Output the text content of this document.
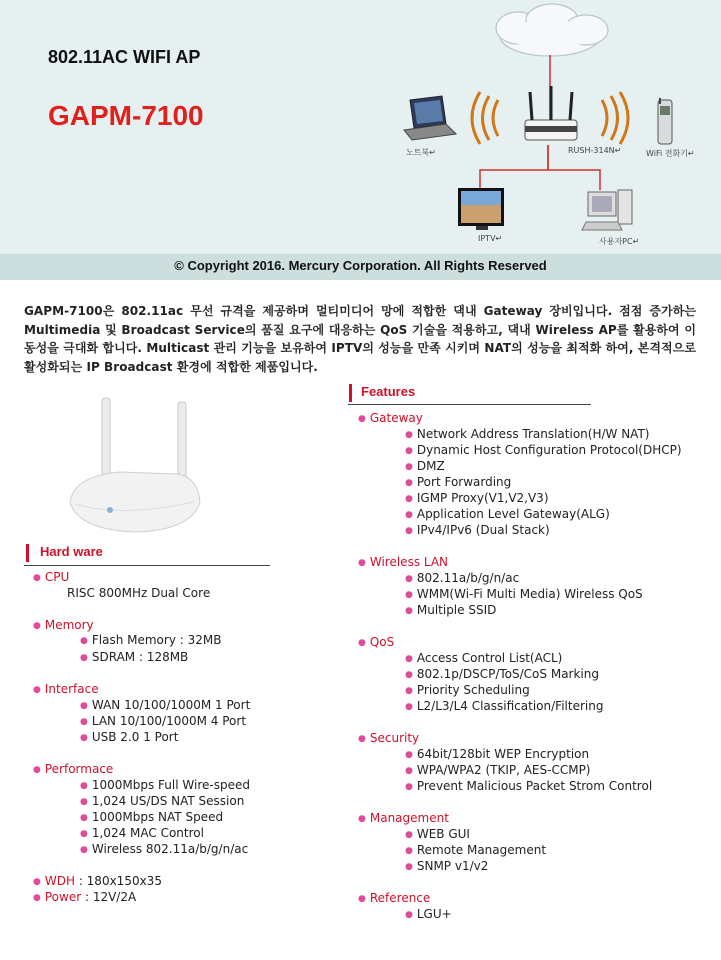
802.11AC WIFI AP
GAPM-7100
노트북↵	RUSH-314N↵	WiFi 전화기↵
IPTV↵	사용자PC↵
© Copyright 2016. Mercury Corporation. All Rights Reserved
GAPM-7100은 802.11ac 무선 규격을 제공하며 멀티미디어 망에 적합한 댁내 Gateway 장비입니다. 점점 증가하는 Multimedia 및 Broadcast Service의 품질 요구에 대응하는 QoS 기술을 적용하고, 댁내 Wireless AP를 활용하여 이동성을 극대화 합니다. Multicast 관리 기능을 보유하여 IPTV의 성능을 만족 시키며 NAT의 성능을 최적화 하여, 본격적으로 활성화되는 IP Broadcast 환경에 적합한 제품입니다.
Hard ware
● CPU
RISC 800MHz Dual Core
● Memory
● Flash Memory : 32MB
● SDRAM : 128MB
● Interface
● WAN 10/100/1000M 1 Port
● LAN 10/100/1000M 4 Port
● USB 2.0 1 Port
● Performace
● 1000Mbps Full Wire-speed
● 1,024 US/DS NAT Session
● 1000Mbps NAT Speed
● 1,024 MAC Control
● Wireless 802.11a/b/g/n/ac
● WDH : 180x150x35
● Power : 12V/2A
Features
● Gateway
● Network Address Translation(H/W NAT)
● Dynamic Host Configuration Protocol(DHCP)
● DMZ
● Port Forwarding
● IGMP Proxy(V1,V2,V3)
● Application Level Gateway(ALG)
● IPv4/IPv6 (Dual Stack)
● Wireless LAN
● 802.11a/b/g/n/ac
● WMM(Wi-Fi Multi Media) Wireless QoS
● Multiple SSID
● QoS
● Access Control List(ACL)
● 802.1p/DSCP/ToS/CoS Marking
● Priority Scheduling
● L2/L3/L4 Classification/Filtering
● Security
● 64bit/128bit WEP Encryption
● WPA/WPA2 (TKIP, AES-CCMP)
● Prevent Malicious Packet Strom Control
● Management
● WEB GUI
● Remote Management
● SNMP v1/v2
● Reference
● LGU+
